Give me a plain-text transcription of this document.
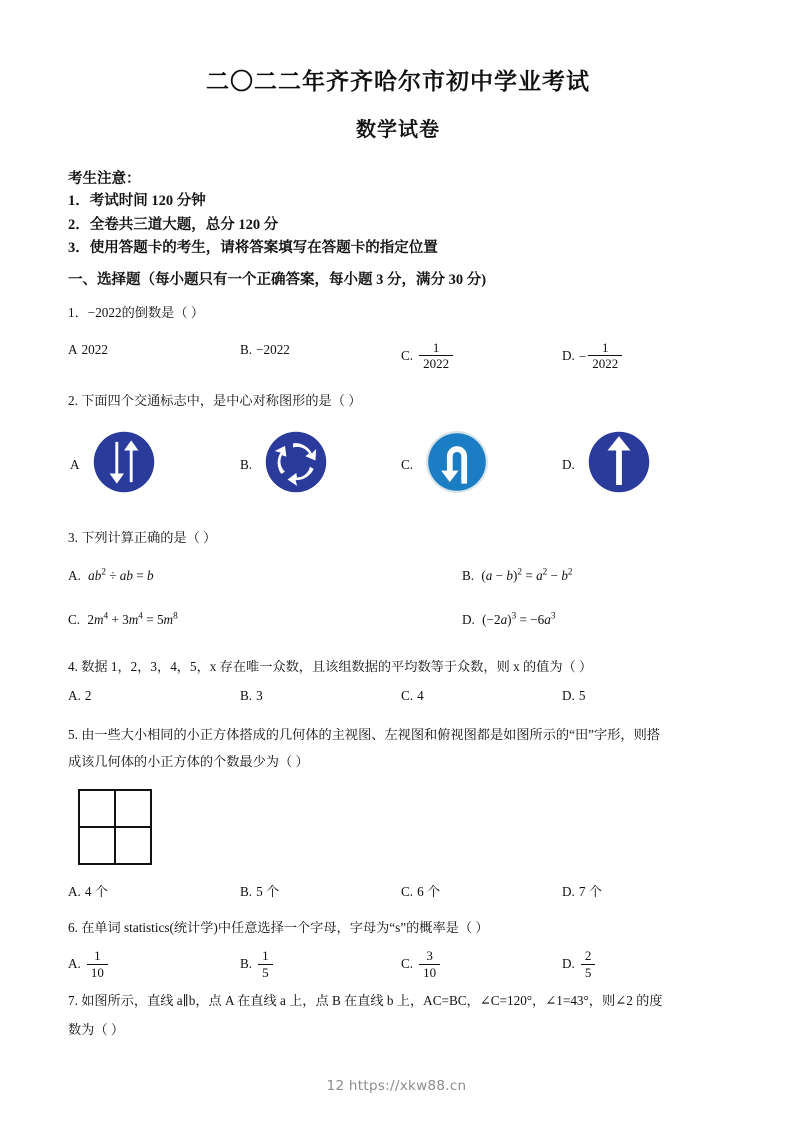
二〇二二年齐齐哈尔市初中学业考试
数学试卷
考生注意：
1．考试时间 120 分钟
2．全卷共三道大题，总分 120 分
3．使用答题卡的考生，请将答案填写在答题卡的指定位置
一、选择题（每小题只有一个正确答案，每小题 3 分，满分 30 分)
1．−2022的倒数是（ ）
A 2022	B. −2022	C. $\frac{1}{2022}$	D. − $\frac{1}{2022}$
2. 下面四个交通标志中，是中心对称图形的是（ ）
A	B.	C.	D.
3. 下列计算正确的是（ ）
A. $ab^2$ ÷ ab = b	B. $(a - b)^2 = a^2 - b^2$
C. $2m^4 + 3m^4 = 5m^8$	D. $(-2a)^3 = -6a^3$
4. 数据 1，2，3，4，5，x 存在唯一众数，且该组数据的平均数等于众数，则 x 的值为（ ）
A. 2	B. 3	C. 4	D. 5
5. 由一些大小相同的小正方体搭成的几何体的主视图、左视图和俯视图都是如图所示的“田”字形，则搭
成该几何体的小正方体的个数最少为（ ）
A. 4 个	B. 5 个	C. 6 个	D. 7 个
6. 在单词 statistics(统计学)中任意选择一个字母，字母为“s”的概率是（ ）
A. $\frac{1}{10}$	B. $\frac{1}{5}$	C. $\frac{3}{10}$	D. $\frac{2}{5}$
7. 如图所示，直线 a∥b，点 A 在直线 a 上，点 B 在直线 b 上，AC=BC，∠C=120°，∠1=43°，则∠2 的度
数为（ ）
12 https://xkw88.cn
